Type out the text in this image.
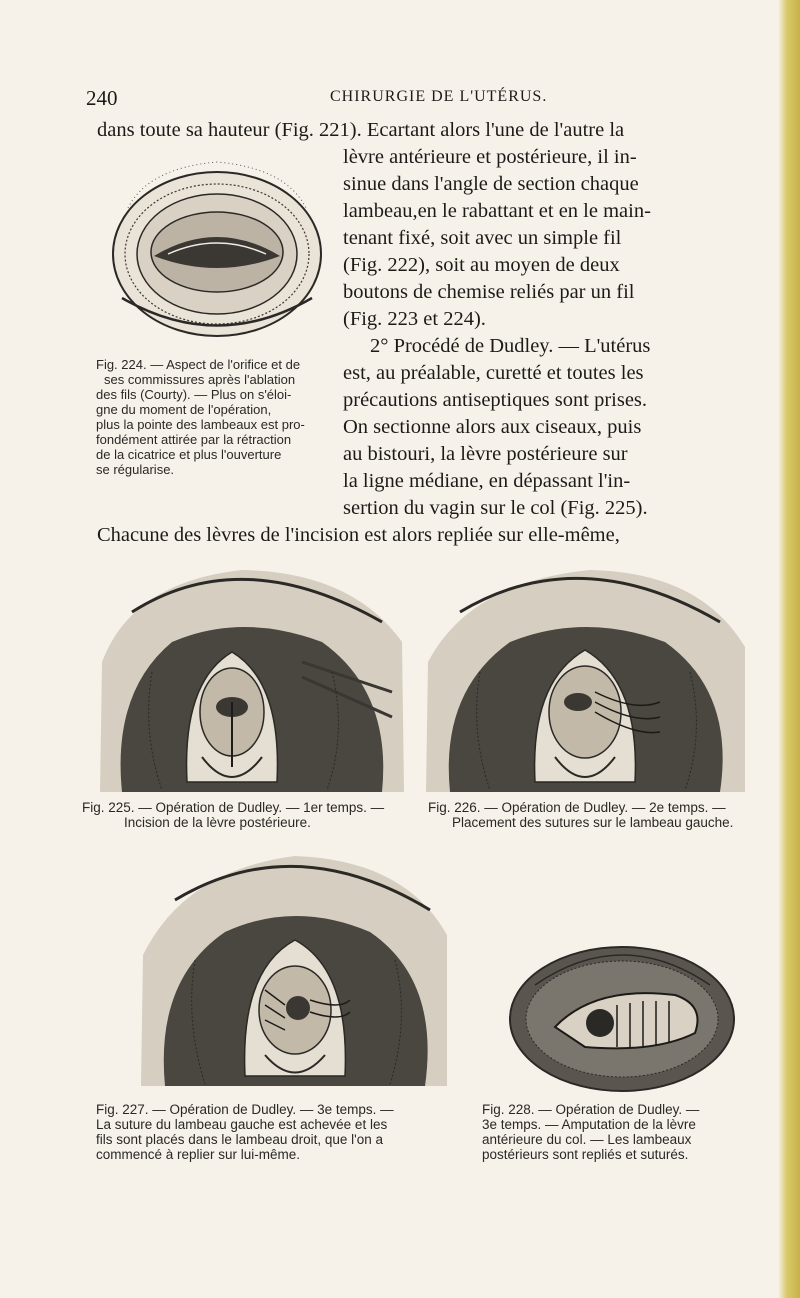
240	CHIRURGIE DE L'UTÉRUS.
dans toute sa hauteur (Fig. 221). Ecartant alors l'une de l'autre la
lèvre antérieure et postérieure, il in-
sinue dans l'angle de section chaque
lambeau,en le rabattant et en le main-
tenant fixé, soit avec un simple fil
(Fig. 222), soit au moyen de deux
boutons de chemise reliés par un fil
(Fig. 223 et 224).
2° Procédé de Dudley. — L'utérus
est, au préalable, curetté et toutes les
précautions antiseptiques sont prises.
On sectionne alors aux ciseaux, puis
au bistouri, la lèvre postérieure sur
la ligne médiane, en dépassant l'in-
sertion du vagin sur le col (Fig. 225).
Chacune des lèvres de l'incision est alors repliée sur elle-même,
Fig. 224. — Aspect de l'orifice et de
ses commissures après l'ablation
des fils (Courty). — Plus on s'éloi-
gne du moment de l'opération,
plus la pointe des lambeaux est pro-
fondément attirée par la rétraction
de la cicatrice et plus l'ouverture
se régularise.
Fig. 225. — Opération de Dudley. — 1er temps. —
Incision de la lèvre postérieure.
Fig. 226. — Opération de Dudley. — 2e temps. —
Placement des sutures sur le lambeau gauche.
Fig. 227. — Opération de Dudley. — 3e temps. —
La suture du lambeau gauche est achevée et les
fils sont placés dans le lambeau droit, que l'on a
commencé à replier sur lui-même.
Fig. 228. — Opération de Dudley. —
3e temps. — Amputation de la lèvre
antérieure du col. — Les lambeaux
postérieurs sont repliés et suturés.
